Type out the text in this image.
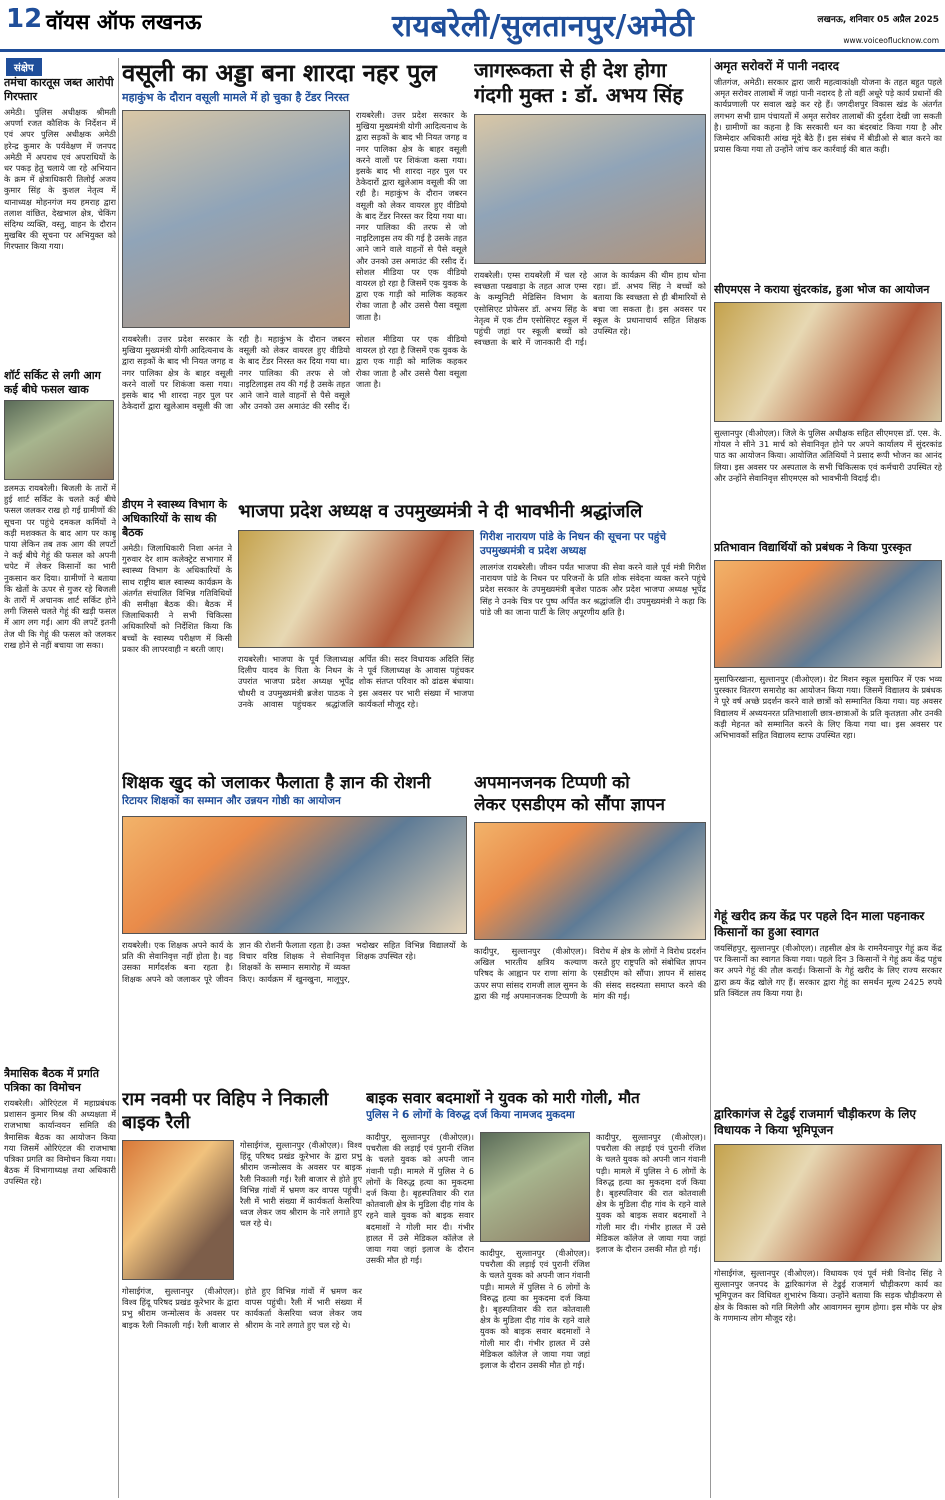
12 वॉयस ऑफ लखनऊ	रायबरेली/सुलतानपुर/अमेठी	लखनऊ, शनिवार 05 अप्रैल 2025
www.voiceoflucknow.com
संक्षेप
तमंचा कारतूस जब्त आरोपी गिरफ्तार
अमेठी। पुलिस अधीक्षक श्रीमती अपर्णा रजत कौशिक के निर्देशन में एवं अपर पुलिस अधीक्षक अमेठी हरेन्द्र कुमार के पर्यवेक्षण में जनपद अमेठी में अपराध एवं अपराधियों के धर पकड़ हेतु चलाये जा रहे अभियान के क्रम में क्षेत्राधिकारी तिलोई अजय कुमार सिंह के कुशल नेतृत्व में थानाध्यक्ष मोहनगंज मय हमराह द्वारा तलाश वांछित, देखभाल क्षेत्र, चेकिंग संदिग्ध व्यक्ति, वस्तु, वाहन के दौरान मुखबिर की सूचना पर अभियुक्त को गिरफ्तार किया गया।
शॉर्ट सर्किट से लगी आग कई बीघे फसल खाक
डलमऊ रायबरेली। बिजली के तारों में हुई शार्ट सर्किट के चलते कई बीघे फसल जलकर राख हो गई ग्रामीणों की सूचना पर पहुंचे दमकल कर्मियों ने कड़ी मशक्कत के बाद आग पर काबू पाया लेकिन तब तक आग की लपटों ने कई बीघे गेहूं की फसल को अपनी चपेट में लेकर किसानों का भारी नुकसान कर दिया। ग्रामीणों ने बताया कि खेतों के ऊपर से गुजर रहे बिजली के तारों में अचानक शार्ट सर्किट होने लगी जिससे चलते गेहूं की खड़ी फसल में आग लग गई। आग की लपटें इतनी तेज थी कि गेहूं की फसल को जलकर राख होने से नहीं बचाया जा सका।
त्रैमासिक बैठक में प्रगति पत्रिका का विमोचन
रायबरेली। ओरिएंटल में महाप्रबंधक प्रशासन कुमार मिश्र की अध्यक्षता में राजभाषा कार्यान्वयन समिति की त्रैमासिक बैठक का आयोजन किया गया जिसमें ओरिएंटल की राजभाषा पत्रिका प्रगति का विमोचन किया गया। बैठक में विभागाध्यक्ष तथा अधिकारी उपस्थित रहे।
वसूली का अड्डा बना शारदा नहर पुल
महाकुंभ के दौरान वसूली मामले में हो चुका है टेंडर निरस्त
रायबरेली। उत्तर प्रदेश सरकार के मुखिया मुख्यमंत्री योगी आदित्यनाथ के द्वारा सड़कों के बाद भी नियत जगह व नगर पालिका क्षेत्र के बाहर वसूली करने वालों पर शिकंजा कसा गया। इसके बाद भी शारदा नहर पुल पर ठेकेदारों द्वारा खुलेआम वसूली की जा रही है। महाकुंभ के दौरान जबरन वसूली को लेकर वायरल हुए वीडियो के बाद टेंडर निरस्त कर दिया गया था। नगर पालिका की तरफ से जो नाइटिलाइस तय की गई है उसके तहत आने जाने वाले वाहनों से पैसे वसूले और उनको उस अमाउंट की रसीद दें। सोशल मीडिया पर एक वीडियो वायरल हो रहा है जिसमें एक युवक के द्वारा एक गाड़ी को मालिक कहकर रोका जाता है और उससे पैसा वसूला जाता है।
रायबरेली। उत्तर प्रदेश सरकार के मुखिया मुख्यमंत्री योगी आदित्यनाथ के द्वारा सड़कों के बाद भी नियत जगह व नगर पालिका क्षेत्र के बाहर वसूली करने वालों पर शिकंजा कसा गया। इसके बाद भी शारदा नहर पुल पर ठेकेदारों द्वारा खुलेआम वसूली की जा रही है। महाकुंभ के दौरान जबरन वसूली को लेकर वायरल हुए वीडियो के बाद टेंडर निरस्त कर दिया गया था। नगर पालिका की तरफ से जो नाइटिलाइस तय की गई है उसके तहत आने जाने वाले वाहनों से पैसे वसूले और उनको उस अमाउंट की रसीद दें। सोशल मीडिया पर एक वीडियो वायरल हो रहा है जिसमें एक युवक के द्वारा एक गाड़ी को मालिक कहकर रोका जाता है और उससे पैसा वसूला जाता है।
डीएम ने स्वास्थ्य विभाग के अधिकारियों के साथ की बैठक
अमेठी। जिलाधिकारी निशा अनंत ने गुरुवार देर शाम कलेक्ट्रेट सभागार में स्वास्थ्य विभाग के अधिकारियों के साथ राष्ट्रीय बाल स्वास्थ्य कार्यक्रम के अंतर्गत संचालित विभिन्न गतिविधियों की समीक्षा बैठक की। बैठक में जिलाधिकारी ने सभी चिकित्सा अधिकारियों को निर्देशित किया कि बच्चों के स्वास्थ्य परीक्षण में किसी प्रकार की लापरवाही न बरती जाए।
जागरूकता से ही देश होगा
गंदगी मुक्त : डॉ. अभय सिंह
रायबरेली। एम्स रायबरेली में चल रहे स्वच्छता पखवाड़ा के तहत आज एम्स के कम्युनिटी मेडिसिन विभाग के एसोसिएट प्रोफेसर डॉ. अभय सिंह के नेतृत्व में एक टीम एसोसिएट स्कूल में पहुंची जहां पर स्कूली बच्चों को स्वच्छता के बारे में जानकारी दी गई। आज के कार्यक्रम की थीम हाथ धोना रहा। डॉ. अभय सिंह ने बच्चों को बताया कि स्वच्छता से ही बीमारियों से बचा जा सकता है। इस अवसर पर स्कूल के प्रधानाचार्य सहित शिक्षक उपस्थित रहे।
भाजपा प्रदेश अध्यक्ष व उपमुख्यमंत्री ने दी भावभीनी श्रद्धांजलि
गिरीश नारायण पांडे के निधन की सूचना पर पहुंचे उपमुख्यमंत्री व प्रदेश अध्यक्ष
लालगंज रायबरेली। जीवन पर्यंत भाजपा की सेवा करने वाले पूर्व मंत्री गिरीश नारायण पांडे के निधन पर परिजनों के प्रति शोक संवेदना व्यक्त करने पहुंचे प्रदेश सरकार के उपमुख्यमंत्री बृजेश पाठक और प्रदेश भाजपा अध्यक्ष भूपेंद्र सिंह ने उनके चित्र पर पुष्प अर्पित कर श्रद्धांजलि दी। उपमुख्यमंत्री ने कहा कि पांडे जी का जाना पार्टी के लिए अपूरणीय क्षति है।
रायबरेली। भाजपा के पूर्व जिलाध्यक्ष दिलीप यादव के पिता के निधन के उपरांत भाजपा प्रदेश अध्यक्ष भूपेंद्र चौधरी व उपमुख्यमंत्री ब्रजेश पाठक ने उनके आवास पहुंचकर श्रद्धांजलि अर्पित की। सदर विधायक अदिति सिंह ने पूर्व जिलाध्यक्ष के आवास पहुंचकर शोक संतप्त परिवार को ढांढस बंधाया। इस अवसर पर भारी संख्या में भाजपा कार्यकर्ता मौजूद रहे।
शिक्षक खुद को जलाकर फैलाता है ज्ञान की रोशनी
रिटायर शिक्षकों का सम्मान और उन्नयन गोष्ठी का आयोजन
रायबरेली। एक शिक्षक अपने कार्य के प्रति की सेवानिवृत्त नहीं होता है। वह उसका मार्गदर्शक बना रहता है। शिक्षक अपने को जलाकर पूरे जीवन ज्ञान की रोशनी फैलाता रहता है। उक्त विचार वरिष्ठ शिक्षक ने सेवानिवृत्त शिक्षकों के सम्मान समारोह में व्यक्त किए। कार्यक्रम में खुनखुना, मालूपुर, भदोखर सहित विभिन्न विद्यालयों के शिक्षक उपस्थित रहे।
अपमानजनक टिप्पणी को
लेकर एसडीएम को सौंपा ज्ञापन
कादीपुर, सुल्तानपुर (वीओएल)। अखिल भारतीय क्षत्रिय कल्याण परिषद के आह्वान पर राणा सांगा के ऊपर सपा सांसद रामजी लाल सुमन के द्वारा की गई अपमानजनक टिप्पणी के विरोध में क्षेत्र के लोगों ने विरोध प्रदर्शन करते हुए राष्ट्रपति को संबोधित ज्ञापन एसडीएम को सौंपा। ज्ञापन में सांसद की संसद सदस्यता समाप्त करने की मांग की गई।
राम नवमी पर विहिप ने निकाली बाइक रैली
गोसाईगंज, सुल्तानपुर (वीओएल)। विश्व हिंदू परिषद प्रखंड कूरेभार के द्वारा प्रभु श्रीराम जन्मोत्सव के अवसर पर बाइक रैली निकाली गई। रैली बाजार से होते हुए विभिन्न गांवों में भ्रमण कर वापस पहुंची। रैली में भारी संख्या में कार्यकर्ता केसरिया ध्वज लेकर जय श्रीराम के नारे लगाते हुए चल रहे थे।
गोसाईगंज, सुल्तानपुर (वीओएल)। विश्व हिंदू परिषद प्रखंड कूरेभार के द्वारा प्रभु श्रीराम जन्मोत्सव के अवसर पर बाइक रैली निकाली गई। रैली बाजार से होते हुए विभिन्न गांवों में भ्रमण कर वापस पहुंची। रैली में भारी संख्या में कार्यकर्ता केसरिया ध्वज लेकर जय श्रीराम के नारे लगाते हुए चल रहे थे।
बाइक सवार बदमाशों ने युवक को मारी गोली, मौत
पुलिस ने 6 लोगों के विरुद्ध दर्ज किया नामजद मुकदमा
कादीपुर, सुल्तानपुर (वीओएल)। पचरौला की लड़ाई एवं पुरानी रंजिश के चलते युवक को अपनी जान गंवानी पड़ी। मामले में पुलिस ने 6 लोगों के विरुद्ध हत्या का मुकदमा दर्ज किया है। बृहस्पतिवार की रात कोतवाली क्षेत्र के मुडिला दीह गांव के रहने वाले युवक को बाइक सवार बदमाशों ने गोली मार दी। गंभीर हालत में उसे मेडिकल कॉलेज ले जाया गया जहां इलाज के दौरान उसकी मौत हो गई।
कादीपुर, सुल्तानपुर (वीओएल)। पचरौला की लड़ाई एवं पुरानी रंजिश के चलते युवक को अपनी जान गंवानी पड़ी। मामले में पुलिस ने 6 लोगों के विरुद्ध हत्या का मुकदमा दर्ज किया है। बृहस्पतिवार की रात कोतवाली क्षेत्र के मुडिला दीह गांव के रहने वाले युवक को बाइक सवार बदमाशों ने गोली मार दी। गंभीर हालत में उसे मेडिकल कॉलेज ले जाया गया जहां इलाज के दौरान उसकी मौत हो गई।
कादीपुर, सुल्तानपुर (वीओएल)। पचरौला की लड़ाई एवं पुरानी रंजिश के चलते युवक को अपनी जान गंवानी पड़ी। मामले में पुलिस ने 6 लोगों के विरुद्ध हत्या का मुकदमा दर्ज किया है। बृहस्पतिवार की रात कोतवाली क्षेत्र के मुडिला दीह गांव के रहने वाले युवक को बाइक सवार बदमाशों ने गोली मार दी। गंभीर हालत में उसे मेडिकल कॉलेज ले जाया गया जहां इलाज के दौरान उसकी मौत हो गई।
अमृत सरोवरों में पानी नदारद
जीतगंज, अमेठी। सरकार द्वारा जारी महत्वाकांक्षी योजना के तहत बहुत पहले अमृत सरोवर तालाबों में जहां पानी नदारद है तो वहीं अधूरे पड़े कार्य प्रधानों की कार्यप्रणाली पर सवाल खड़े कर रहे हैं। जगदीशपुर विकास खंड के अंतर्गत लगभग सभी ग्राम पंचायतों में अमृत सरोवर तालाबों की दुर्दशा देखी जा सकती है। ग्रामीणों का कहना है कि सरकारी धन का बंदरबांट किया गया है और जिम्मेदार अधिकारी आंख मूंदे बैठे हैं। इस संबंध में बीडीओ से बात करने का प्रयास किया गया तो उन्होंने जांच कर कार्रवाई की बात कही।
सीएमएस ने कराया सुंदरकांड, हुआ भोज का आयोजन
सुल्तानपुर (वीओएल)। जिले के पुलिस अधीक्षक सहित सीएमएस डॉ. एस. के. गोयल ने सीने 31 मार्च को सेवानिवृत होने पर अपने कार्यालय में सुंदरकांड पाठ का आयोजन किया। आयोजित अतिथियों ने प्रसाद रूपी भोजन का आनंद लिया। इस अवसर पर अस्पताल के सभी चिकित्सक एवं कर्मचारी उपस्थित रहे और उन्होंने सेवानिवृत्त सीएमएस को भावभीनी विदाई दी।
प्रतिभावान विद्यार्थियों को प्रबंधक ने किया पुरस्कृत
मुसाफिरखाना, सुल्तानपुर (वीओएल)। ग्रेट मिशन स्कूल मुसाफिर में एक भव्य पुरस्कार वितरण समारोह का आयोजन किया गया। जिसमें विद्यालय के प्रबंधक ने पूरे वर्ष अच्छे प्रदर्शन करने वाले छात्रों को सम्मानित किया गया। यह अवसर विद्यालय में अध्ययनरत प्रतिभाशाली छात्र-छात्राओं के प्रति कृतज्ञता और उनकी कड़ी मेहनत को सम्मानित करने के लिए किया गया था। इस अवसर पर अभिभावकों सहित विद्यालय स्टाफ उपस्थित रहा।
गेहूं खरीद क्रय केंद्र पर पहले दिन माला पहनाकर किसानों का हुआ स्वागत
जयसिंहपुर, सुल्तानपुर (वीओएल)। तहसील क्षेत्र के रामनैयनापुर गेहूं क्रय केंद्र पर किसानों का स्वागत किया गया। पहले दिन 3 किसानों ने गेहूं क्रय केंद्र पहुंच कर अपने गेहूं की तौल कराई। किसानों के गेहूं खरीद के लिए राज्य सरकार द्वारा क्रय केंद्र खोले गए हैं। सरकार द्वारा गेहूं का समर्थन मूल्य 2425 रुपये प्रति क्विंटल तय किया गया है।
द्वारिकागंज से टेढुई राजमार्ग चौड़ीकरण के लिए विधायक ने किया भूमिपूजन
गोसाईगंज, सुल्तानपुर (वीओएल)। विधायक एवं पूर्व मंत्री विनोद सिंह ने सुल्तानपुर जनपद के द्वारिकागंज से टेढुई राजमार्ग चौड़ीकरण कार्य का भूमिपूजन कर विधिवत शुभारंभ किया। उन्होंने बताया कि सड़क चौड़ीकरण से क्षेत्र के विकास को गति मिलेगी और आवागमन सुगम होगा। इस मौके पर क्षेत्र के गणमान्य लोग मौजूद रहे।
